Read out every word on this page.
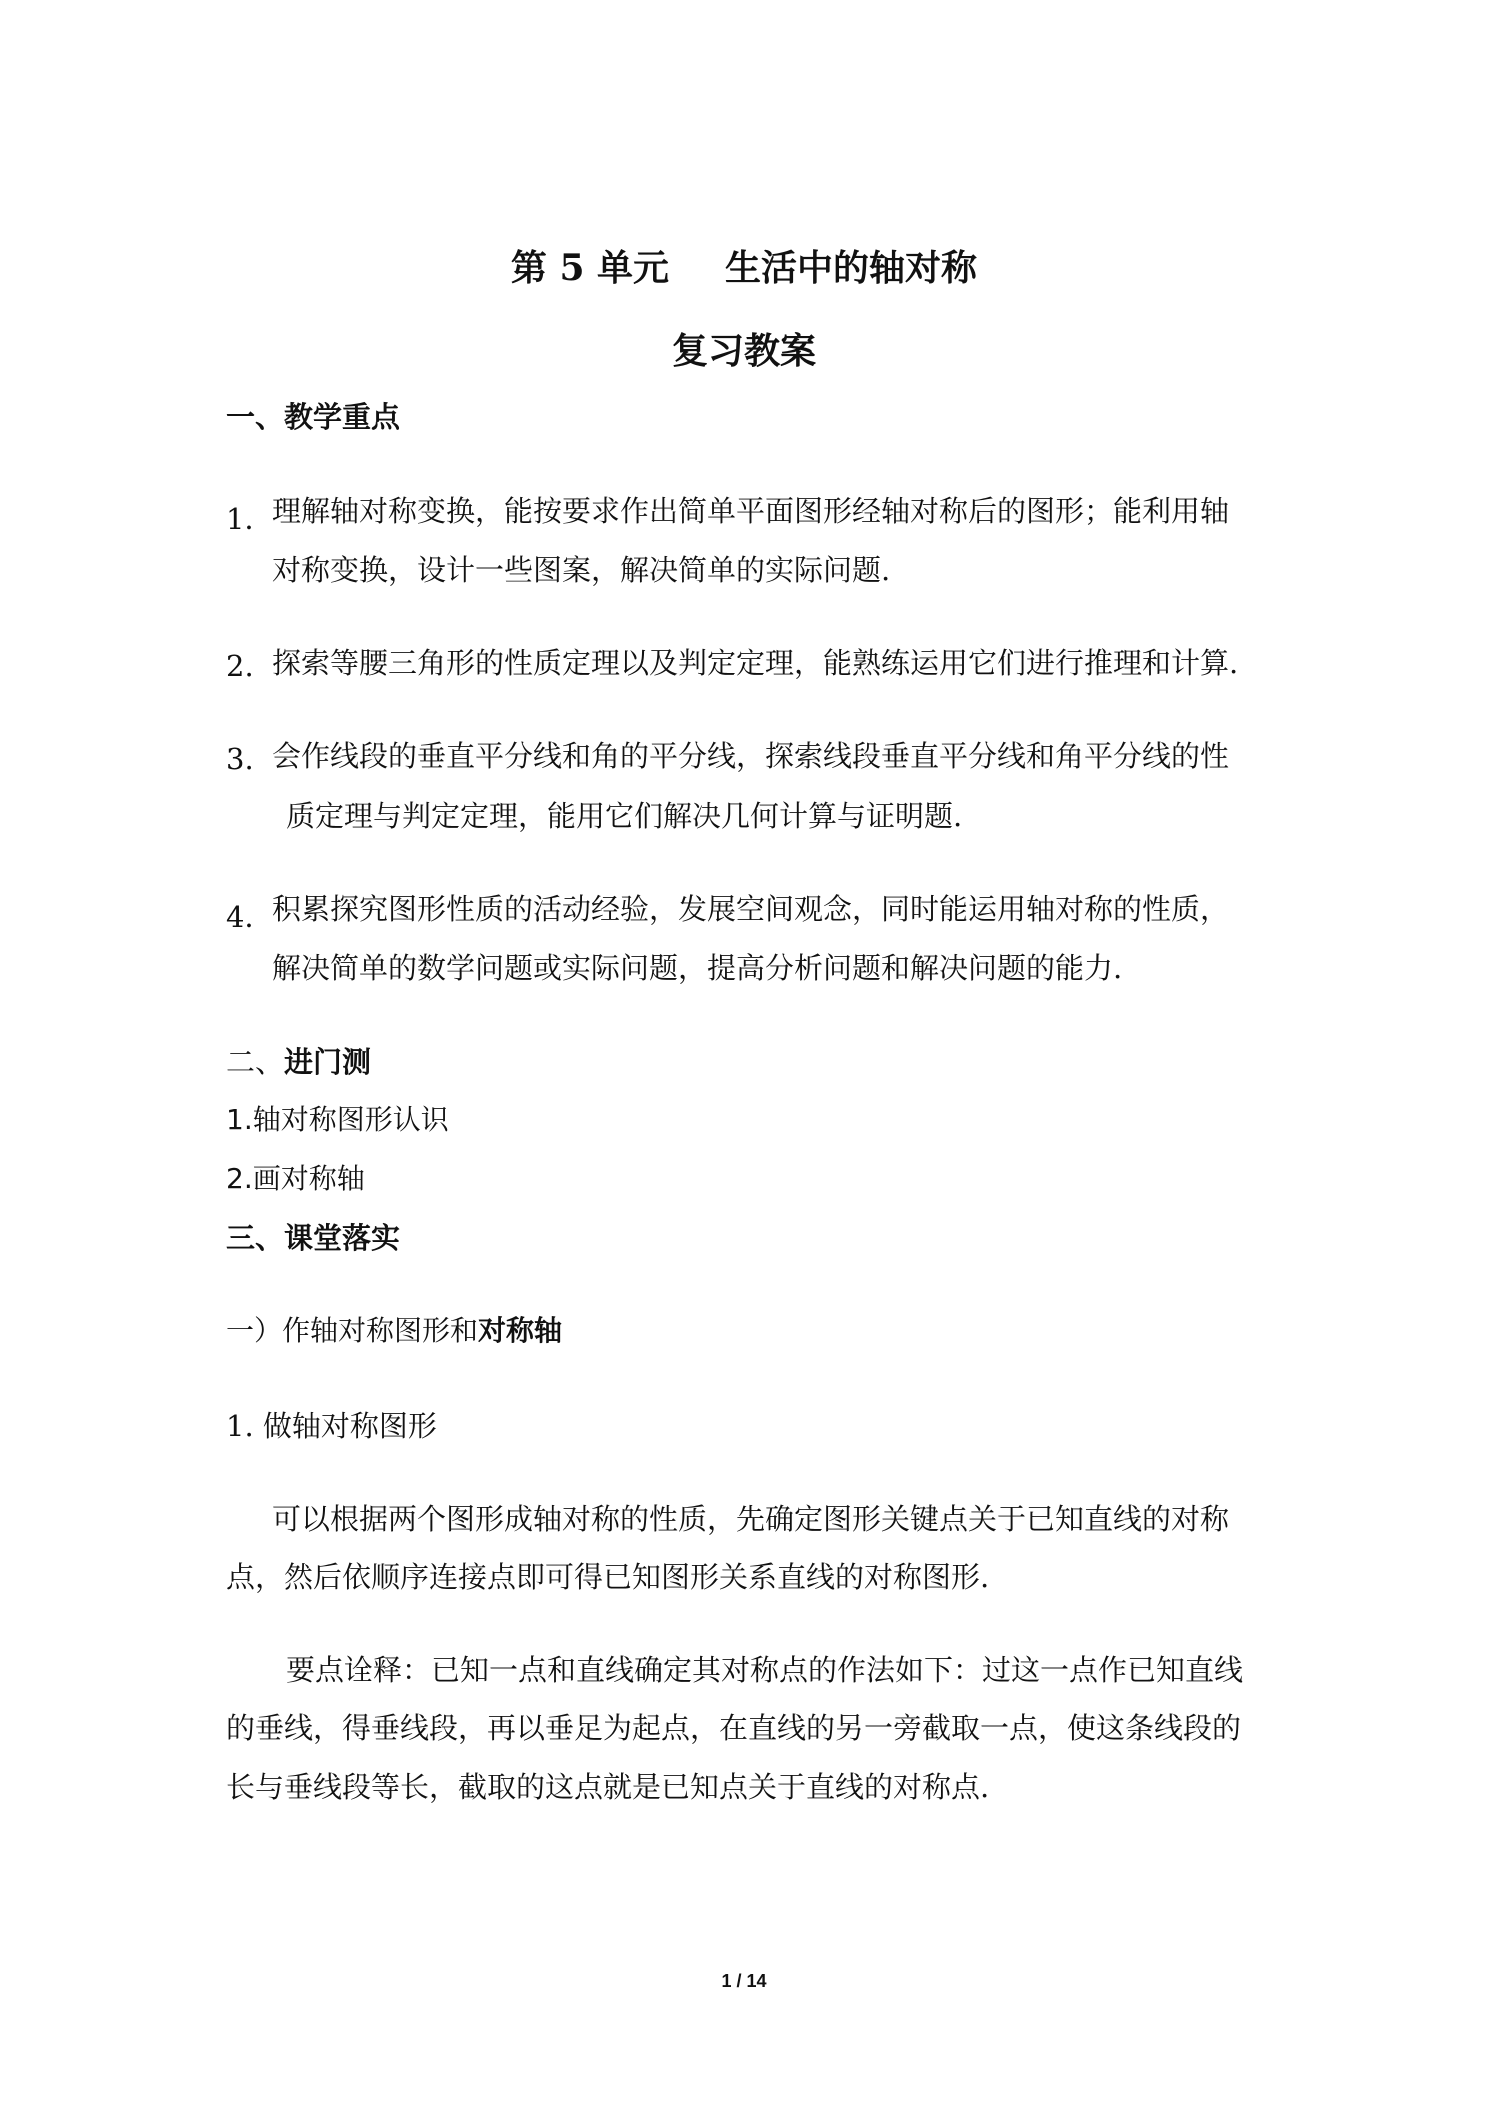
第 5 单元 生活中的轴对称
复习教案
一、教学重点
1．
理解轴对称变换，能按要求作出简单平面图形经轴对称后的图形；能利用轴
对称变换，设计一些图案，解决简单的实际问题.
2. 探索等腰三角形的性质定理以及判定定理，能熟练运用它们进行推理和计算.
3. 会作线段的垂直平分线和角的平分线，探索线段垂直平分线和角平分线的性
质定理与判定定理，能用它们解决几何计算与证明题.
4．
积累探究图形性质的活动经验，发展空间观念，同时能运用轴对称的性质，
解决简单的数学问题或实际问题，提高分析问题和解决问题的能力.
二、进门测
1.轴对称图形认识
2.画对称轴
三、课堂落实
一）作轴对称图形和对称轴
1. 做轴对称图形
可以根据两个图形成轴对称的性质，先确定图形关键点关于已知直线的对称
点，然后依顺序连接点即可得已知图形关系直线的对称图形.
要点诠释：已知一点和直线确定其对称点的作法如下：过这一点作已知直线
的垂线，得垂线段，再以垂足为起点，在直线的另一旁截取一点，使这条线段的
长与垂线段等长，截取的这点就是已知点关于直线的对称点.
1 / 14
